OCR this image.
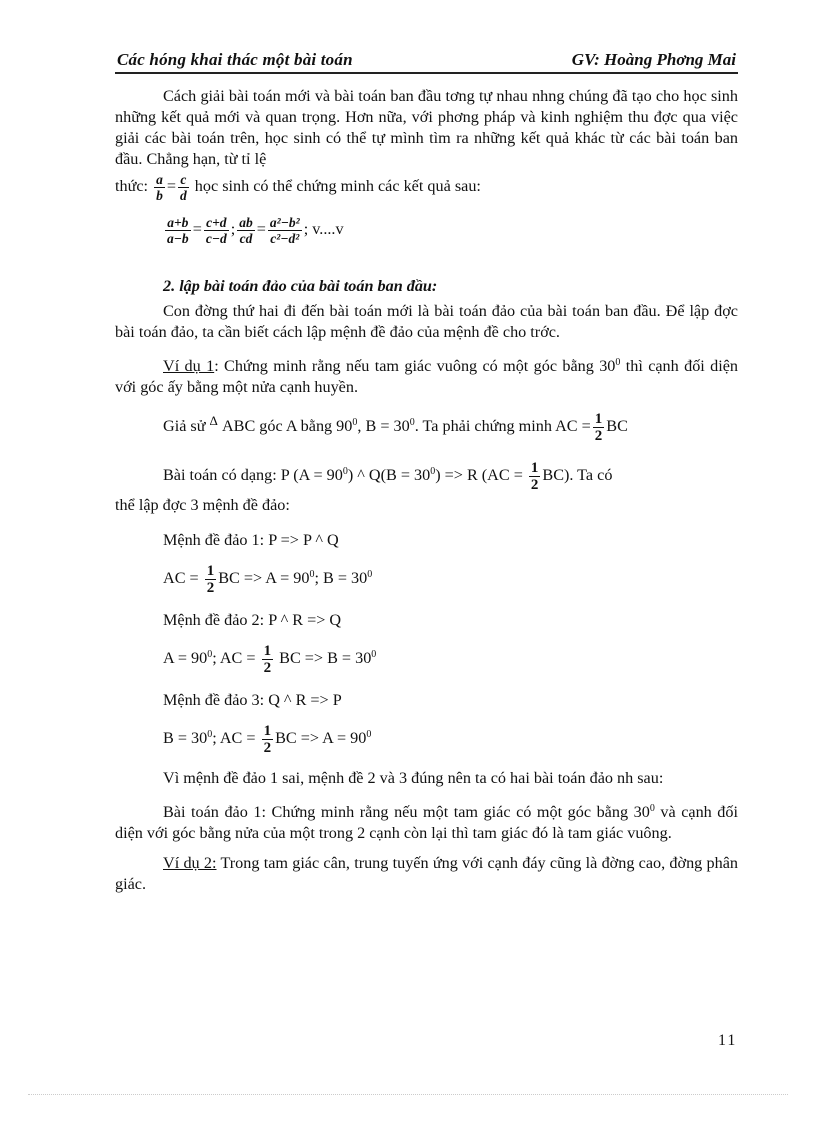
Các hóng khai thác một bài toán	GV: Hoàng Phơng Mai

Cách giải bài toán mới và bài toán ban đầu tơng tự nhau nhng chúng đã tạo cho học sinh những kết quả mới và quan trọng. Hơn nữa, với phơng pháp và kinh nghiệm thu đợc qua việc giải các bài toán trên, học sinh có thể tự mình tìm ra những kết quả khác từ các bài toán ban đầu. Chẳng hạn, từ tỉ lệ

thức: $\frac{a}{b} = \frac{c}{d}$ học sinh có thể chứng minh các kết quả sau:

$\frac{a+b}{a-b} = \frac{c+d}{c-d}$ ; $\frac{ab}{cd} = \frac{\text{a²−b²}}{\text{c²−d²}}$ ; v....v

2. lập bài toán đảo của bài toán ban đầu:

Con đờng thứ hai đi đến bài toán mới là bài toán đảo của bài toán ban đầu. Để lập đợc bài toán đảo, ta cần biết cách lập mệnh đề đảo của mệnh đề cho trớc.

Ví dụ 1: Chứng minh rằng nếu tam giác vuông có một góc bằng $30^0$ thì cạnh đối diện với góc ấy bằng một nửa cạnh huyền.

Giả sử $^\Delta$ ABC góc A bằng $90^0$, $B = 30^0$. Ta phải chứng minh AC = $\frac{1}{2}$ BC

Bài toán có dạng: P $(A = 90^0)$ ^ $Q(B = 30^0) => R$ $(AC = \frac{1}{2} BC)$. Ta có

thể lập đợc 3 mệnh đề đảo:

Mệnh đề đảo 1: P => P ^ Q

AC = $\frac{1}{2}$ BC => $A = 90^0$; $B = 30^0$

Mệnh đề đảo 2: P ^ R => Q

$A = 90^0$; AC = $\frac{1}{2}$ BC => $B = 30^0$

Mệnh đề đảo 3: Q ^ R => P

$B = 30^0$; AC = $\frac{1}{2}$ BC => $A = 90^0$

Vì mệnh đề đảo 1 sai, mệnh đề 2 và 3 đúng nên ta có hai bài toán đảo nh sau:

Bài toán đảo 1: Chứng minh rằng nếu một tam giác có một góc bằng $30^0$ và cạnh đối diện với góc bằng nửa của một trong 2 cạnh còn lại thì tam giác đó là tam giác vuông.

Ví dụ 2: Trong tam giác cân, trung tuyến ứng với cạnh đáy cũng là đờng cao, đờng phân giác.

11
